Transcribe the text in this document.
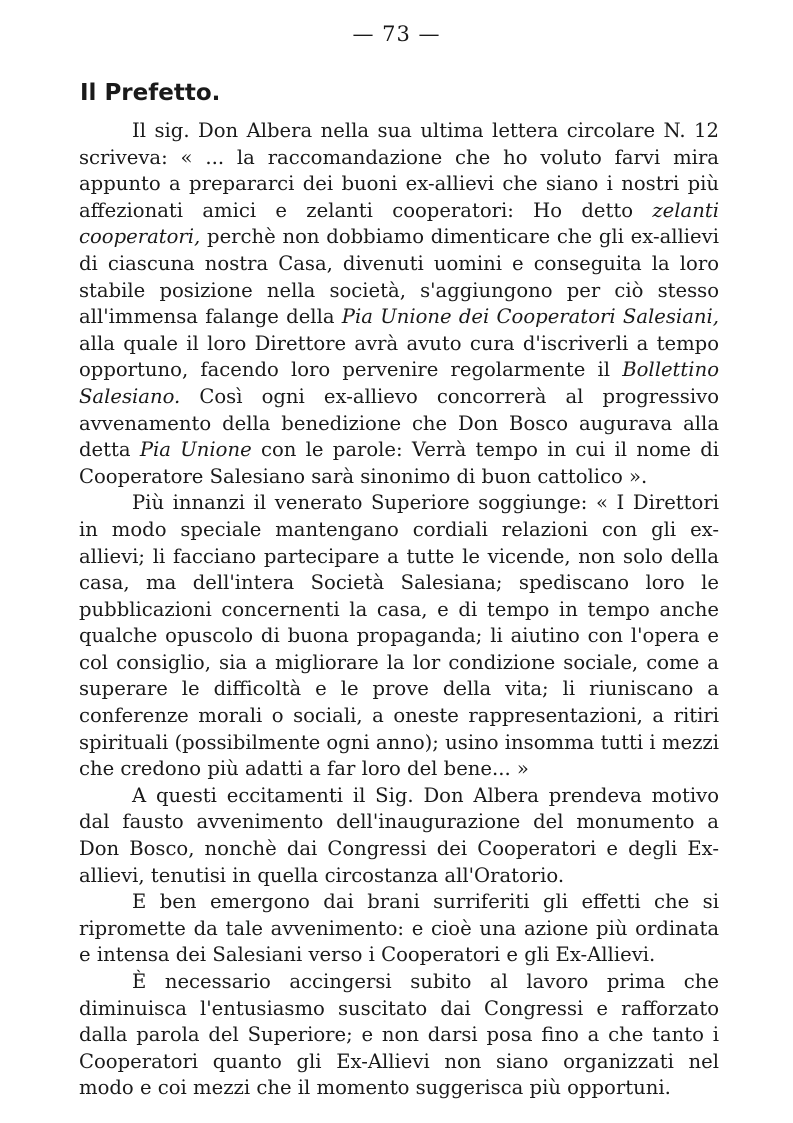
— 73 —
Il Prefetto.

Il sig. Don Albera nella sua ultima lettera circolare N. 12 scriveva: « ... la raccomandazione che ho voluto farvi mira appunto a prepararci dei buoni ex-allievi che siano i nostri più affezionati amici e zelanti cooperatori: Ho detto zelanti cooperatori, perchè non dobbiamo dimenticare che gli ex-allievi di ciascuna nostra Casa, divenuti uomini e conseguita la loro stabile posizione nella società, s'aggiungono per ciò stesso all'immensa falange della Pia Unione dei Cooperatori Salesiani, alla quale il loro Direttore avrà avuto cura d'iscriverli a tempo opportuno, facendo loro pervenire regolarmente il Bollettino Salesiano. Così ogni ex-allievo concorrerà al progressivo avvenamento della benedizione che Don Bosco augurava alla detta Pia Unione con le parole: Verrà tempo in cui il nome di Cooperatore Salesiano sarà sinonimo di buon cattolico ».

Più innanzi il venerato Superiore soggiunge: « I Direttori in modo speciale mantengano cordiali relazioni con gli ex-allievi; li facciano partecipare a tutte le vicende, non solo della casa, ma dell'intera Società Salesiana; spediscano loro le pubblicazioni concernenti la casa, e di tempo in tempo anche qualche opuscolo di buona propaganda; li aiutino con l'opera e col consiglio, sia a migliorare la lor condizione sociale, come a superare le difficoltà e le prove della vita; li riuniscano a conferenze morali o sociali, a oneste rappresentazioni, a ritiri spirituali (possibilmente ogni anno); usino insomma tutti i mezzi che credono più adatti a far loro del bene... »

A questi eccitamenti il Sig. Don Albera prendeva motivo dal fausto avvenimento dell'inaugurazione del monumento a Don Bosco, nonchè dai Congressi dei Cooperatori e degli Ex-allievi, tenutisi in quella circostanza all'Oratorio.

E ben emergono dai brani surriferiti gli effetti che si ripromette da tale avvenimento: e cioè una azione più ordinata e intensa dei Salesiani verso i Cooperatori e gli Ex-Allievi.

È necessario accingersi subito al lavoro prima che diminuisca l'entusiasmo suscitato dai Congressi e rafforzato dalla parola del Superiore; e non darsi posa fino a che tanto i Cooperatori quanto gli Ex-Allievi non siano organizzati nel modo e coi mezzi che il momento suggerisca più opportuni.
